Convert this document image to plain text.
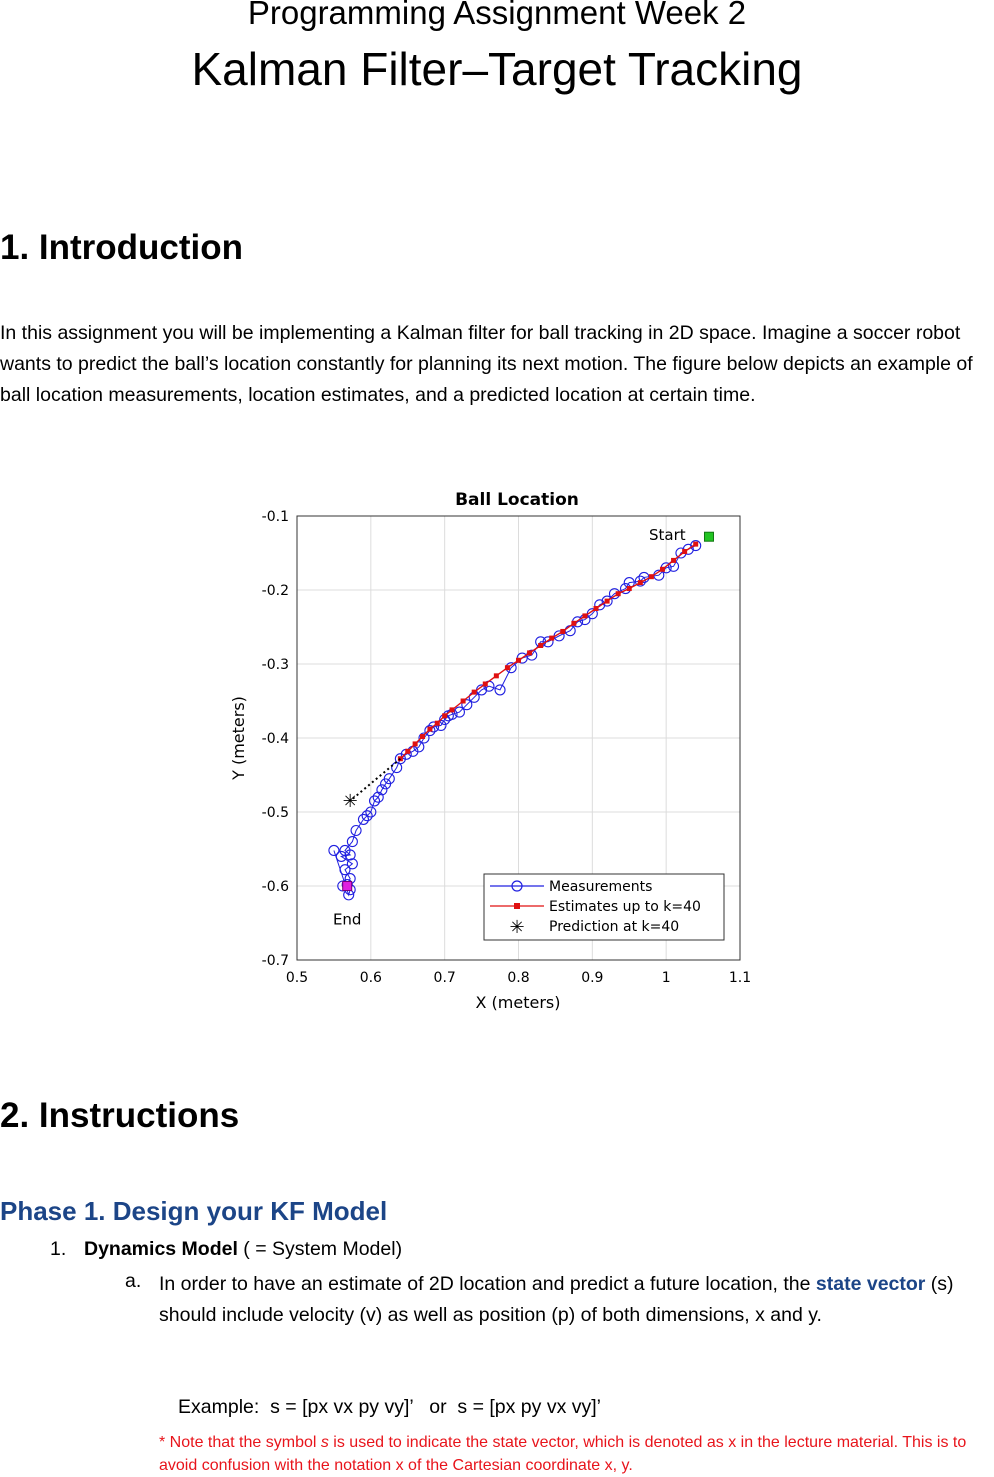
Programming Assignment Week 2
Kalman Filter–Target Tracking
1. Introduction
In this assignment you will be implementing a Kalman filter for ball tracking in 2D space. Imagine a soccer robot wants to predict the ball’s location constantly for planning its next motion. The figure below depicts an example of ball location measurements, location estimates, and a predicted location at certain time.
Ball Location
0.5	0.6	0.7	0.8	0.9	1	1.1
-0.1
-0.2
-0.3
-0.4
-0.5
-0.6
-0.7
X (meters)
Y (meters)
✳
Start
End
Measurements
Estimates up to k=40
✳ Prediction at k=40
2. Instructions
Phase 1. Design your KF Model
1. Dynamics Model ( = System Model)
a. In order to have an estimate of 2D location and predict a future location, the state vector (s) should include velocity (v) as well as position (p) of both dimensions, x and y.
Example:  s = [px vx py vy]’   or  s = [px py vx vy]’
* Note that the symbol s is used to indicate the state vector, which is denoted as x in the lecture material. This is to avoid confusion with the notation x of the Cartesian coordinate x, y.
